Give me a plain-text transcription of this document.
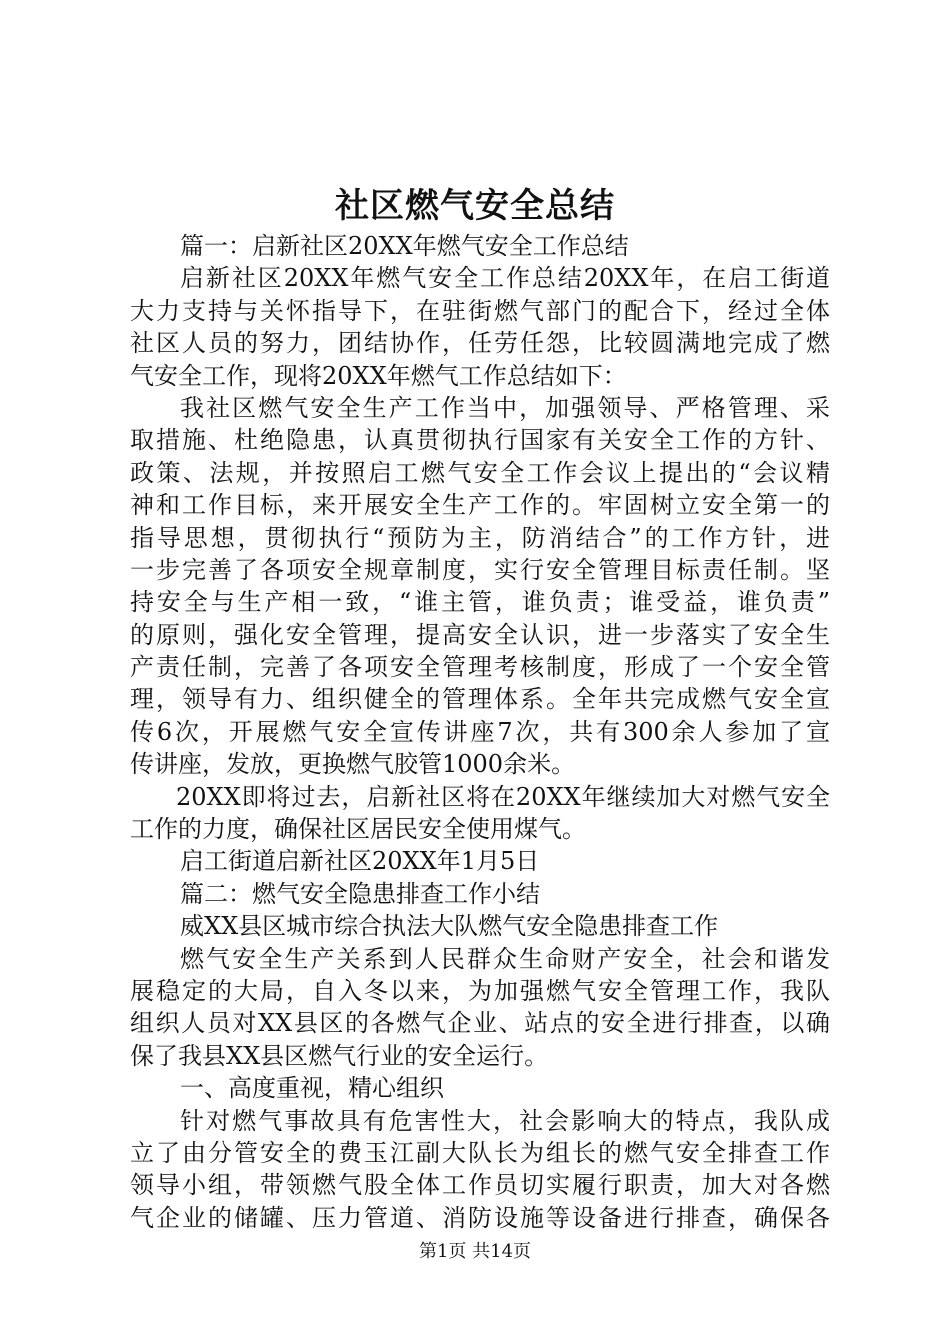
社区燃气安全总结
篇一：启新社区20XX年燃气安全工作总结
启新社区20XX年燃气安全工作总结20XX年，在启工街道
大力支持与关怀指导下，在驻街燃气部门的配合下，经过全体
社区人员的努力，团结协作，任劳任怨，比较圆满地完成了燃
气安全工作，现将20XX年燃气工作总结如下：
我社区燃气安全生产工作当中，加强领导、严格管理、采
取措施、杜绝隐患，认真贯彻执行国家有关安全工作的方针、
政策、法规，并按照启工燃气安全工作会议上提出的“会议精
神和工作目标，来开展安全生产工作的。牢固树立安全第一的
指导思想，贯彻执行“预防为主，防消结合”的工作方针，进
一步完善了各项安全规章制度，实行安全管理目标责任制。坚
持安全与生产相一致，“谁主管，谁负责；谁受益，谁负责”
的原则，强化安全管理，提高安全认识，进一步落实了安全生
产责任制，完善了各项安全管理考核制度，形成了一个安全管
理，领导有力、组织健全的管理体系。全年共完成燃气安全宣
传6次，开展燃气安全宣传讲座7次，共有300余人参加了宣
传讲座，发放，更换燃气胶管1000余米。
20XX即将过去，启新社区将在20XX年继续加大对燃气安全
工作的力度，确保社区居民安全使用煤气。
启工街道启新社区20XX年1月5日
篇二：燃气安全隐患排查工作小结
威XX县区城市综合执法大队燃气安全隐患排查工作
燃气安全生产关系到人民群众生命财产安全，社会和谐发
展稳定的大局，自入冬以来，为加强燃气安全管理工作，我队
组织人员对XX县区的各燃气企业、站点的安全进行排查，以确
保了我县XX县区燃气行业的安全运行。
一、高度重视，精心组织
针对燃气事故具有危害性大，社会影响大的特点，我队成
立了由分管安全的费玉江副大队长为组长的燃气安全排查工作
领导小组，带领燃气股全体工作员切实履行职责，加大对各燃
气企业的储罐、压力管道、消防设施等设备进行排查，确保各
第1页 共14页
